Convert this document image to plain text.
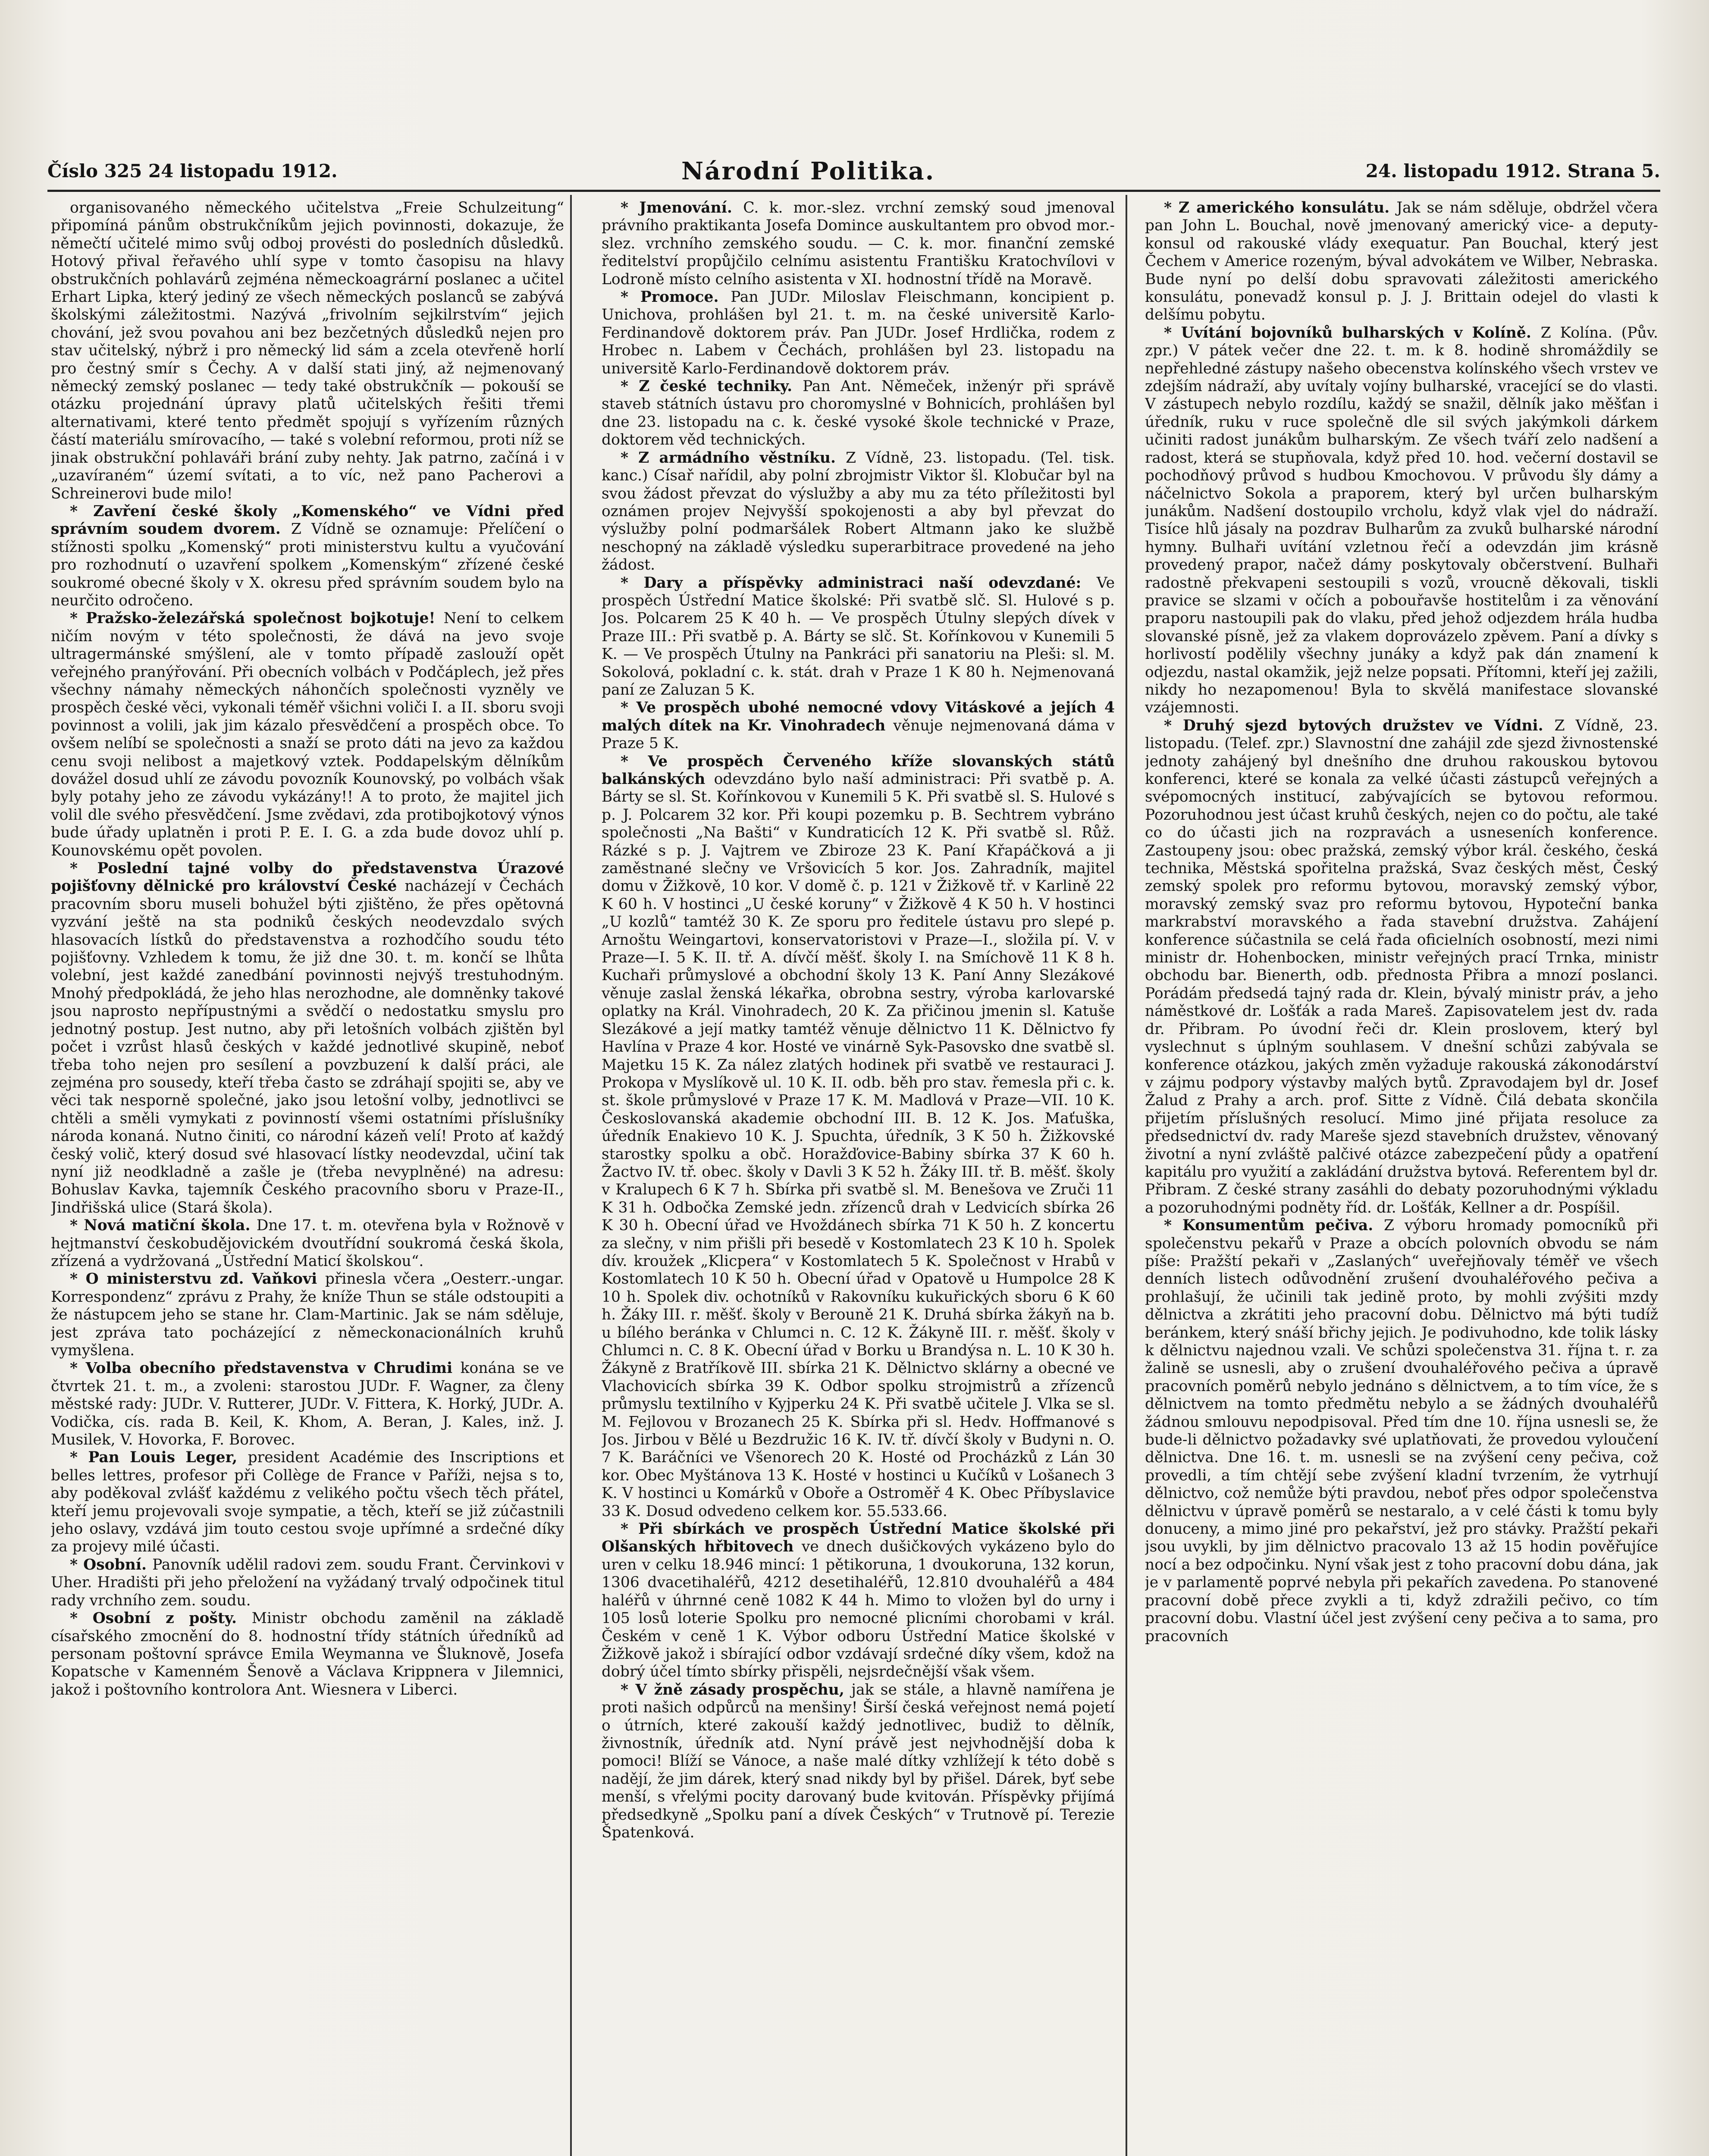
Číslo 325 24 listopadu 1912.	Národní Politika.	24. listopadu 1912. Strana 5.

organisovaného německého učitelstva „Freie Schulzeitung“ připomíná pánům obstrukčníkům jejich povinnosti, dokazuje, že němečtí učitelé mimo svůj odboj provésti do posledních důsledků. Hotový přival řeřavého uhlí sype v tomto časopisu na hlavy obstrukčních pohlavárů zejména německoagrární poslanec a učitel Erhart Lipka, který jediný ze všech německých poslanců se zabývá školskými záležitostmi. Nazývá „frivolním sejkilrstvím“ jejich chování, jež svou povahou ani bez bezčetných důsledků nejen pro stav učitelský, nýbrž i pro německý lid sám a zcela otevřeně horlí pro čestný smír s Čechy. A v další stati jiný, až nejmenovaný německý zemský poslanec — tedy také obstrukčník — pokouší se otázku projednání úpravy platů učitelských řešiti třemi alternativami, které tento předmět spojují s vyřízením různých částí materiálu smírovacího, — také s volební reformou, proti níž se jinak obstrukční pohlaváři brání zuby nehty. Jak patrno, začíná i v „uzavíraném“ území svítati, a to víc, než pano Pacherovi a Schreinerovi bude milo!

* Zavření české školy „Komenského“ ve Vídni před správním soudem dvorem. Z Vídně se oznamuje: Přelíčení o stížnosti spolku „Komenský“ proti ministerstvu kultu a vyučování pro rozhodnutí o uzavření spolkem „Komenským“ zřízené české soukromé obecné školy v X. okresu před správním soudem bylo na neurčito odročeno.

* Pražsko-železářská společnost bojkotuje! Není to celkem ničím novým v této společnosti, že dává na jevo svoje ultragermánské smýšlení, ale v tomto případě zaslouží opět veřejného pranýřování. Při obecních volbách v Podčáplech, jež přes všechny námahy německých náhončích společnosti vyzněly ve prospěch české věci, vykonali téměř všichni voliči I. a II. sboru svoji povinnost a volili, jak jim kázalo přesvědčení a prospěch obce. To ovšem nelíbí se společnosti a snaží se proto dáti na jevo za každou cenu svoji nelibost a majetkový vztek. Poddapelským dělníkům dovážel dosud uhlí ze závodu povozník Kounovský, po volbách však byly potahy jeho ze závodu vykázány!! A to proto, že majitel jich volil dle svého přesvědčení. Jsme zvědavi, zda protibojkotový výnos bude úřady uplatněn i proti P. E. I. G. a zda bude dovoz uhlí p. Kounovskému opět povolen.

* Poslední tajné volby do představenstva Úrazové pojišťovny dělnické pro království České nacházejí v Čechách pracovním sboru museli bohužel býti zjištěno, že přes opětovná vyzvání ještě na sta podniků českých neodevzdalo svých hlasovacích lístků do představenstva a rozhodčího soudu této pojišťovny. Vzhledem k tomu, že již dne 30. t. m. končí se lhůta volební, jest každé zanedbání povinnosti nejvýš trestuhodným. Mnohý předpokládá, že jeho hlas nerozhodne, ale domněnky takové jsou naprosto nepřípustnými a svědčí o nedostatku smyslu pro jednotný postup. Jest nutno, aby při letošních volbách zjištěn byl počet i vzrůst hlasů českých v každé jednotlivé skupině, neboť třeba toho nejen pro sesílení a povzbuzení k další práci, ale zejména pro sousedy, kteří třeba často se zdráhají spojiti se, aby ve věci tak nesporně společné, jako jsou letošní volby, jednotlivci se chtěli a směli vymykati z povinností všemi ostatními příslušníky národa konaná. Nutno činiti, co národní kázeň velí! Proto ať každý český volič, který dosud své hlasovací lístky neodevzdal, učiní tak nyní již neodkladně a zašle je (třeba nevyplněné) na adresu: Bohuslav Kavka, tajemník Českého pracovního sboru v Praze-II., Jindřišská ulice (Stará škola).

* Nová matiční škola. Dne 17. t. m. otevřena byla v Rožnově v hejtmanství českobudějovickém dvoutřídní soukromá česká škola, zřízená a vydržovaná „Ústřední Maticí školskou“.

* O ministerstvu zd. Vaňkovi přinesla včera „Oesterr.-ungar. Korrespondenz“ zprávu z Prahy, že kníže Thun se stále odstoupiti a že nástupcem jeho se stane hr. Clam-Martinic. Jak se nám sděluje, jest zpráva tato pocházející z německonacionálních kruhů vymyšlena.

* Volba obecního představenstva v Chrudimi konána se ve čtvrtek 21. t. m., a zvoleni: starostou JUDr. F. Wagner, za členy městské rady: JUDr. V. Rutterer, JUDr. V. Fittera, K. Horký, JUDr. A. Vodička, cís. rada B. Keil, K. Khom, A. Beran, J. Kales, inž. J. Musilek, V. Hovorka, F. Borovec.

* Pan Louis Leger, president Académie des Inscriptions et belles lettres, profesor při Collège de France v Paříži, nejsa s to, aby poděkoval zvlášť každému z velikého počtu všech těch přátel, kteří jemu projevovali svoje sympatie, a těch, kteří se již zúčastnili jeho oslavy, vzdává jim touto cestou svoje upřímné a srdečné díky za projevy milé účasti.

* Osobní. Panovník udělil radovi zem. soudu Frant. Červinkovi v Uher. Hradišti při jeho přeložení na vyžádaný trvalý odpočinek titul rady vrchního zem. soudu.

* Osobní z pošty. Ministr obchodu zaměnil na základě císařského zmocnění do 8. hodnostní třídy státních úředníků ad personam poštovní správce Emila Weymanna ve Šluknově, Josefa Kopatsche v Kamenném Šenově a Václava Krippnera v Jilemnici, jakož i poštovního kontrolora Ant. Wiesnera v Liberci.

* Jmenování. C. k. mor.-slez. vrchní zemský soud jmenoval právního praktikanta Josefa Domince auskultantem pro obvod mor.-slez. vrchního zemského soudu. — C. k. mor. finanční zemské ředitelství propůjčilo celnímu asistentu Františku Kratochvílovi v Lodroně místo celního asistenta v XI. hodnostní třídě na Moravě.

* Promoce. Pan JUDr. Miloslav Fleischmann, koncipient p. Unichova, prohlášen byl 21. t. m. na české universitě Karlo-Ferdinandově doktorem práv. Pan JUDr. Josef Hrdlička, rodem z Hrobec n. Labem v Čechách, prohlášen byl 23. listopadu na universitě Karlo-Ferdinandově doktorem práv.

* Z české techniky. Pan Ant. Němeček, inženýr při správě staveb státních ústavu pro choromyslné v Bohnicích, prohlášen byl dne 23. listopadu na c. k. české vysoké škole technické v Praze, doktorem věd technických.

* Z armádního věstníku. Z Vídně, 23. listopadu. (Tel. tisk. kanc.) Císař nařídil, aby polní zbrojmistr Viktor šl. Klobučar byl na svou žádost převzat do výslužby a aby mu za této příležitosti byl oznámen projev Nejvyšší spokojenosti a aby byl převzat do výslužby polní podmaršálek Robert Altmann jako ke službě neschopný na základě výsledku superarbitrace provedené na jeho žádost.

* Dary a příspěvky administraci naší odevzdané: Ve prospěch Ústřední Matice školské: Při svatbě slč. Sl. Hulové s p. Jos. Polcarem 25 K 40 h. — Ve prospěch Útulny slepých dívek v Praze III.: Při svatbě p. A. Bárty se slč. St. Kořínkovou v Kunemili 5 K. — Ve prospěch Útulny na Pankráci při sanatoriu na Pleši: sl. M. Sokolová, pokladní c. k. stát. drah v Praze 1 K 80 h. Nejmenovaná paní ze Zaluzan 5 K.

* Ve prospěch ubohé nemocné vdovy Vitáskové a jejích 4 malých dítek na Kr. Vinohradech věnuje nejmenovaná dáma v Praze 5 K.

* Ve prospěch Červeného kříže slovanských států balkánských odevzdáno bylo naší administraci: Při svatbě p. A. Bárty se sl. St. Kořínkovou v Kunemili 5 K. Při svatbě sl. S. Hulové s p. J. Polcarem 32 kor. Při koupi pozemku p. B. Sechtrem vybráno společnosti „Na Bašti“ v Kundraticích 12 K. Při svatbě sl. Růž. Rázké s p. J. Vajtrem ve Zbiroze 23 K. Paní Křapáčková a ji zaměstnané slečny ve Vršovicích 5 kor. Jos. Zahradník, majitel domu v Žižkově, 10 kor. V domě č. p. 121 v Žižkově tř. v Karlině 22 K 60 h. V hostinci „U české koruny“ v Žižkově 4 K 50 h. V hostinci „U kozlů“ tamtéž 30 K. Ze sporu pro ředitele ústavu pro slepé p. Arnoštu Weingartovi, konservatoristovi v Praze—I., složila pí. V. v Praze—I. 5 K. II. tř. A. dívčí měšť. školy I. na Smíchově 11 K 8 h. Kuchaři průmyslové a obchodní školy 13 K. Paní Anny Slezákové věnuje zaslal ženská lékařka, obrobna sestry, výroba karlovarské oplatky na Král. Vinohradech, 20 K. Za přičinou jmenin sl. Katuše Slezákové a její matky tamtéž věnuje dělnictvo 11 K. Dělnictvo fy Havlína v Praze 4 kor. Hosté ve vinárně Syk-Pasovsko dne svatbě sl. Majetku 15 K. Za nález zlatých hodinek při svatbě ve restauraci J. Prokopa v Myslíkově ul. 10 K. II. odb. běh pro stav. řemesla při c. k. st. škole průmyslové v Praze 17 K. M. Madlová v Praze—VII. 10 K. Českoslovanská akademie obchodní III. B. 12 K. Jos. Maťuška, úředník Enakievo 10 K. J. Spuchta, úředník, 3 K 50 h. Žižkovské starostky spolku a obč. Horažďovice-Babiny sbírka 37 K 60 h. Žactvo IV. tř. obec. školy v Davli 3 K 52 h. Žáky III. tř. B. měšť. školy v Kralupech 6 K 7 h. Sbírka při svatbě sl. M. Benešova ve Zruči 11 K 31 h. Odbočka Zemské jedn. zřízenců drah v Ledvicích sbírka 26 K 30 h. Obecní úřad ve Hvoždánech sbírka 71 K 50 h. Z koncertu za slečny, v nim přišli při besedě v Kostomlatech 23 K 10 h. Spolek dív. kroužek „Klicpera“ v Kostomlatech 5 K. Společnost v Hrabů v Kostomlatech 10 K 50 h. Obecní úřad v Opatově u Humpolce 28 K 10 h. Spolek div. ochotníků v Rakovníku kukuřických sboru 6 K 60 h. Žáky III. r. měšť. školy v Berouně 21 K. Druhá sbírka žákyň na b. u bílého beránka v Chlumci n. C. 12 K. Žákyně III. r. měšť. školy v Chlumci n. C. 8 K. Obecní úřad v Borku u Brandýsa n. L. 10 K 30 h. Žákyně z Bratříkově III. sbírka 21 K. Dělnictvo sklárny a obecné ve Vlachovicích sbírka 39 K. Odbor spolku strojmistrů a zřízenců průmyslu textilního v Kyjperku 24 K. Při svatbě učitele J. Vlka se sl. M. Fejlovou v Brozanech 25 K. Sbírka při sl. Hedv. Hoffmanové s Jos. Jirbou v Bělé u Bezdružic 16 K. IV. tř. dívčí školy v Budyni n. O. 7 K. Baráčníci ve Všenorech 20 K. Hosté od Procházků z Lán 30 kor. Obec Myštánova 13 K. Hosté v hostinci u Kučíků v Lošanech 3 K. V hostinci u Komárků v Oboře a Ostroměř 4 K. Obec Příbyslavice 33 K. Dosud odvedeno celkem kor. 55.533.66.

* Při sbírkách ve prospěch Ústřední Matice školské při Olšanských hřbitovech ve dnech dušičkových vykázeno bylo do uren v celku 18.946 mincí: 1 pětikoruna, 1 dvoukoruna, 132 korun, 1306 dvacetihaléřů, 4212 desetihaléřů, 12.810 dvouhaléřů a 484 haléřů v úhrnné ceně 1082 K 44 h. Mimo to vložen byl do urny i 105 losů loterie Spolku pro nemocné plicními chorobami v král. Českém v ceně 1 K. Výbor odboru Ústřední Matice školské v Žižkově jakož i sbírající odbor vzdávají srdečné díky všem, kdož na dobrý účel tímto sbírky přispěli, nejsrdečnější však všem.

* V žně zásady prospěchu, jak se stále, a hlavně namířena je proti našich odpůrců na menšiny! Širší česká veřejnost nemá pojetí o útrních, které zakouší každý jednotlivec, budiž to dělník, živnostník, úředník atd. Nyní právě jest nejvhodnější doba k pomoci! Blíží se Vánoce, a naše malé dítky vzhlížejí k této době s nadějí, že jim dárek, který snad nikdy byl by přišel. Dárek, byť sebe menší, s vřelými pocity darovaný bude kvitován. Příspěvky přijímá předsedkyně „Spolku paní a dívek Českých“ v Trutnově pí. Terezie Špatenková.

* Z amerického konsulátu. Jak se nám sděluje, obdržel včera pan John L. Bouchal, nově jmenovaný americký vice- a deputy-konsul od rakouské vlády exequatur. Pan Bouchal, který jest Čechem v Americe rozeným, býval advokátem ve Wilber, Nebraska. Bude nyní po delší dobu spravovati záležitosti amerického konsulátu, ponevadž konsul p. J. J. Brittain odejel do vlasti k delšímu pobytu.

* Uvítání bojovníků bulharských v Kolíně. Z Kolína. (Pův. zpr.) V pátek večer dne 22. t. m. k 8. hodině shromáždily se nepřehledné zástupy našeho obecenstva kolínského všech vrstev ve zdejším nádraží, aby uvítaly vojíny bulharské, vracející se do vlasti. V zástupech nebylo rozdílu, každý se snažil, dělník jako měšťan i úředník, ruku v ruce společně dle sil svých jakýmkoli dárkem učiniti radost junákům bulharským. Ze všech tváří zelo nadšení a radost, která se stupňovala, když před 10. hod. večerní dostavil se pochodňový průvod s hudbou Kmochovou. V průvodu šly dámy a náčelnictvo Sokola a praporem, který byl určen bulharským junákům. Nadšení dostoupilo vrcholu, když vlak vjel do nádraží. Tisíce hlů jásaly na pozdrav Bulharům za zvuků bulharské národní hymny. Bulhaři uvítání vzletnou řečí a odevzdán jim krásně provedený prapor, načež dámy poskytovaly občerstvení. Bulhaři radostně překvapeni sestoupili s vozů, vroucně děkovali, tiskli pravice se slzami v očích a pobouřavše hostitelům i za věnování praporu nastoupili pak do vlaku, před jehož odjezdem hrála hudba slovanské písně, jež za vlakem doprovázelo zpěvem. Paní a dívky s horlivostí podělily všechny junáky a když pak dán znamení k odjezdu, nastal okamžik, jejž nelze popsati. Přítomni, kteří jej zažili, nikdy ho nezapomenou! Byla to skvělá manifestace slovanské vzájemnosti.

* Druhý sjezd bytových družstev ve Vídni. Z Vídně, 23. listopadu. (Telef. zpr.) Slavnostní dne zahájil zde sjezd živnostenské jednoty zahájený byl dnešního dne druhou rakouskou bytovou konferenci, které se konala za velké účasti zástupců veřejných a svépomocných institucí, zabývajících se bytovou reformou. Pozoruhodnou jest účast kruhů českých, nejen co do počtu, ale také co do účasti jich na rozpravách a usneseních konference. Zastoupeny jsou: obec pražská, zemský výbor král. českého, česká technika, Městská spořitelna pražská, Svaz českých měst, Český zemský spolek pro reformu bytovou, moravský zemský výbor, moravský zemský svaz pro reformu bytovou, Hypoteční banka markrabství moravského a řada stavební družstva. Zahájení konference súčastnila se celá řada oficielních osobností, mezi nimi ministr dr. Hohenbocken, ministr veřejných prací Trnka, ministr obchodu bar. Bienerth, odb. přednosta Přibra a mnozí poslanci. Porádám předsedá tajný rada dr. Klein, bývalý ministr práv, a jeho náměstkové dr. Lošťák a rada Mareš. Zapisovatelem jest dv. rada dr. Přibram. Po úvodní řeči dr. Klein proslovem, který byl vyslechnut s úplným souhlasem. V dnešní schůzi zabývala se konference otázkou, jakých změn vyžaduje rakouská zákonodárství v zájmu podpory výstavby malých bytů. Zpravodajem byl dr. Josef Žalud z Prahy a arch. prof. Sitte z Vídně. Čilá debata skončila přijetím příslušných resolucí. Mimo jiné přijata resoluce za předsednictví dv. rady Mareše sjezd stavebních družstev, věnovaný životní a nyní zvláště palčivé otázce zabezpečení půdy a opatření kapitálu pro využití a zakládání družstva bytová. Referentem byl dr. Přibram. Z české strany zasáhli do debaty pozoruhodnými výkladu a pozoruhodnými podněty říd. dr. Lošťák, Kellner a dr. Pospíšil.

* Konsumentům pečiva. Z výboru hromady pomocníků při společenstvu pekařů v Praze a obcích polovních obvodu se nám píše: Pražští pekaři v „Zaslaných“ uveřejňovaly téměř ve všech denních listech odůvodnění zrušení dvouhaléřového pečiva a prohlašují, že učinili tak jedině proto, by mohli zvýšiti mzdy dělnictva a zkrátiti jeho pracovní dobu. Dělnictvo má býti tudíž beránkem, který snáší břichy jejich. Je podivuhodno, kde tolik lásky k dělnictvu najednou vzali. Ve schůzi společenstva 31. října t. r. za žalině se usnesli, aby o zrušení dvouhaléřového pečiva a úpravě pracovních poměrů nebylo jednáno s dělnictvem, a to tím více, že s dělnictvem na tomto předmětu nebylo a se žádných dvouhaléřů žádnou smlouvu nepodpisoval. Před tím dne 10. října usnesli se, že bude-li dělnictvo požadavky své uplatňovati, že provedou vyloučení dělnictva. Dne 16. t. m. usnesli se na zvýšení ceny pečiva, což provedli, a tím chtějí sebe zvýšení kladní tvrzením, že vytrhují dělnictvo, což nemůže býti pravdou, neboť přes odpor společenstva dělnictvu v úpravě poměrů se nestaralo, a v celé části k tomu byly donuceny, a mimo jiné pro pekařství, jež pro stávky. Pražští pekaři jsou uvykli, by jim dělnictvo pracovalo 13 až 15 hodin pověřujíce nocí a bez odpočinku. Nyní však jest z toho pracovní dobu dána, jak je v parlamentě poprvé nebyla při pekařích zavedena. Po stanovené pracovní době přece zvykli a ti, když zdražili pečivo, co tím pracovní dobu. Vlastní účel jest zvýšení ceny pečiva a to sama, pro pracovních
